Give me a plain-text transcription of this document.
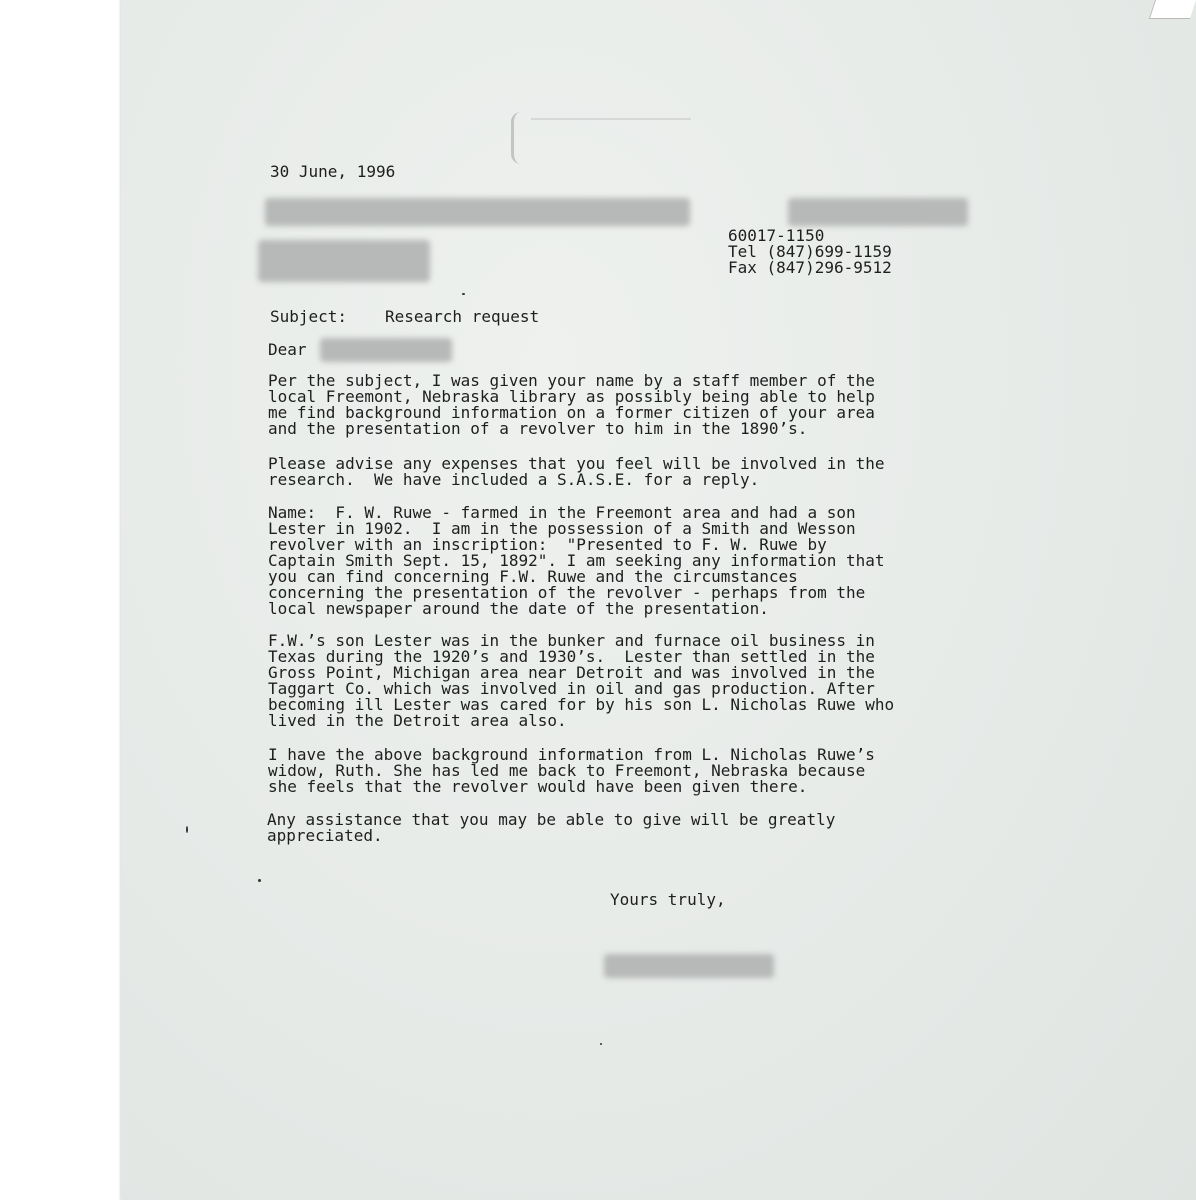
30 June, 1996

60017-1150

Tel (847)699-1159

Fax (847)296-9512

Subject: Research request

Dear

Per the subject, I was given your name by a staff member of the
local Freemont, Nebraska library as possibly being able to help
me find background information on a former citizen of your area
and the presentation of a revolver to him in the 1890’s.

Please advise any expenses that you feel will be involved in the
research.  We have included a S.A.S.E. for a reply.

Name:  F. W. Ruwe - farmed in the Freemont area and had a son
Lester in 1902.  I am in the possession of a Smith and Wesson
revolver with an inscription:  "Presented to F. W. Ruwe by
Captain Smith Sept. 15, 1892". I am seeking any information that
you can find concerning F.W. Ruwe and the circumstances
concerning the presentation of the revolver - perhaps from the
local newspaper around the date of the presentation.

F.W.’s son Lester was in the bunker and furnace oil business in
Texas during the 1920’s and 1930’s.  Lester than settled in the
Gross Point, Michigan area near Detroit and was involved in the
Taggart Co. which was involved in oil and gas production. After
becoming ill Lester was cared for by his son L. Nicholas Ruwe who
lived in the Detroit area also.

I have the above background information from L. Nicholas Ruwe’s
widow, Ruth. She has led me back to Freemont, Nebraska because
she feels that the revolver would have been given there.

Any assistance that you may be able to give will be greatly
appreciated.

Yours truly,
